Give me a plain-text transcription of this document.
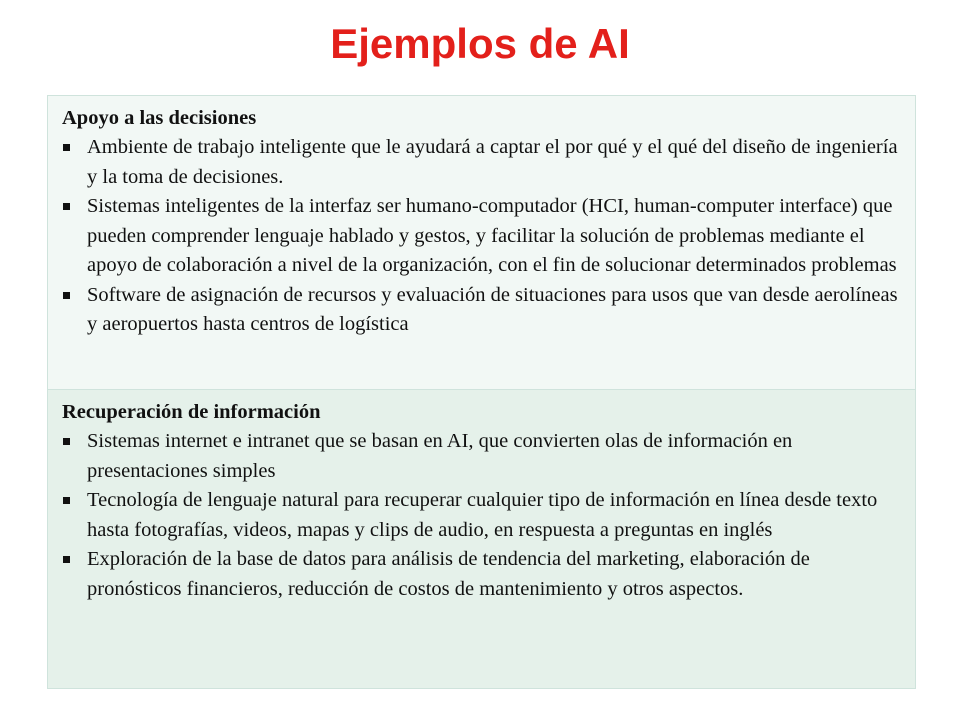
Ejemplos de AI

Apoyo a las decisiones

Ambiente de trabajo inteligente que le ayudará a captar el por qué y el qué del diseño de ingeniería y la toma de decisiones.
Sistemas inteligentes de la interfaz ser humano-computador (HCI, human-computer interface) que pueden comprender lenguaje hablado y gestos, y facilitar la solución de problemas mediante el apoyo de colaboración a nivel de la organización, con el fin de solucionar determinados problemas
Software de asignación de recursos y evaluación de situaciones para usos que van desde aerolíneas y aeropuertos hasta centros de logística

Recuperación de información

Sistemas internet e intranet que se basan en AI, que convierten olas de información en presentaciones simples
Tecnología de lenguaje natural para recuperar cualquier tipo de información en línea desde texto hasta fotografías, videos, mapas y clips de audio, en respuesta a preguntas en inglés
Exploración de la base de datos para análisis de tendencia del marketing, elaboración de pronósticos financieros, reducción de costos de mantenimiento y otros aspectos.
